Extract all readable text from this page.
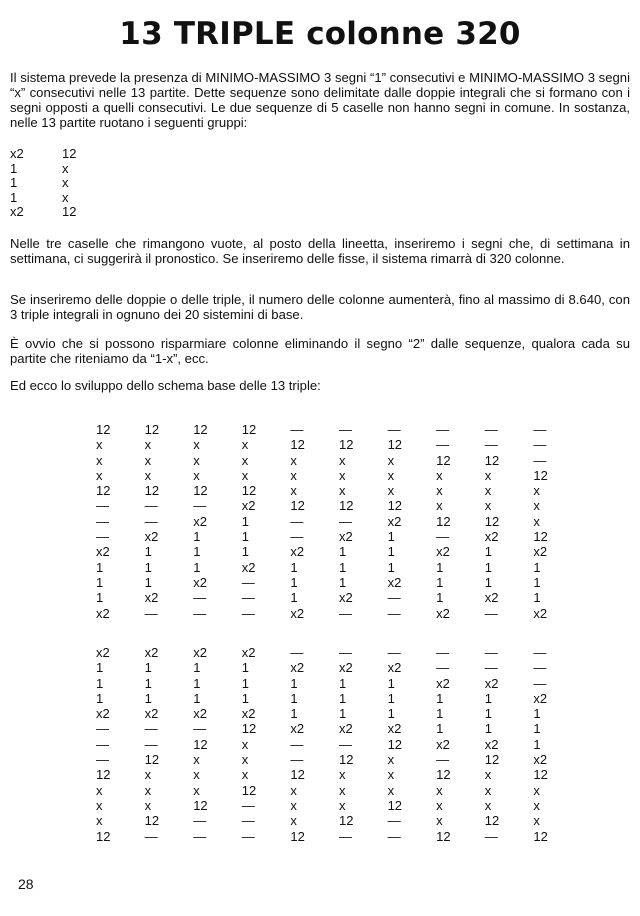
13 TRIPLE colonne 320

Il sistema prevede la presenza di MINIMO-MASSIMO 3 segni “1” consecutivi e MINIMO-MASSIMO 3 segni “x” consecutivi nelle 13 partite. Dette sequenze sono delimitate dalle doppie integrali che si formano con i segni opposti a quelli consecutivi. Le due sequenze di 5 caselle non hanno segni in comune. In sostanza, nelle 13 partite ruotano i seguenti gruppi:

x2	12
1	x
1	x
1	x
x2	12

Nelle tre caselle che rimangono vuote, al posto della lineetta, inseriremo i segni che, di settimana in settimana, ci suggerirà il pronostico. Se inseriremo delle fisse, il sistema rimarrà di 320 colonne.

Se inseriremo delle doppie o delle triple, il numero delle colonne aumenterà, fino al massimo di 8.640, con 3 triple integrali in ognuno dei 20 sistemini di base.

È ovvio che si possono risparmiare colonne eliminando il segno “2” dalle sequenze, qualora cada su partite che riteniamo da “1-x”, ecc.

Ed ecco lo sviluppo dello schema base delle 13 triple:

12	12	12	12	—	—	—	—	—	—
x	x	x	x	12	12	12	—	—	—
x	x	x	x	x	x	x	12	12	—
x	x	x	x	x	x	x	x	x	12
12	12	12	12	x	x	x	x	x	x
—	—	—	x2	12	12	12	x	x	x
—	—	x2	1	—	—	x2	12	12	x
—	x2	1	1	—	x2	1	—	x2	12
x2	1	1	1	x2	1	1	x2	1	x2
1	1	1	x2	1	1	1	1	1	1
1	1	x2	—	1	1	x2	1	1	1
1	x2	—	—	1	x2	—	1	x2	1
x2	—	—	—	x2	—	—	x2	—	x2
x2	x2	x2	x2	—	—	—	—	—	—
1	1	1	1	x2	x2	x2	—	—	—
1	1	1	1	1	1	1	x2	x2	—
1	1	1	1	1	1	1	1	1	x2
x2	x2	x2	x2	1	1	1	1	1	1
—	—	—	12	x2	x2	x2	1	1	1
—	—	12	x	—	—	12	x2	x2	1
—	12	x	x	—	12	x	—	12	x2
12	x	x	x	12	x	x	12	x	12
x	x	x	12	x	x	x	x	x	x
x	x	12	—	x	x	12	x	x	x
x	12	—	—	x	12	—	x	12	x
12	—	—	—	12	—	—	12	—	12
28
